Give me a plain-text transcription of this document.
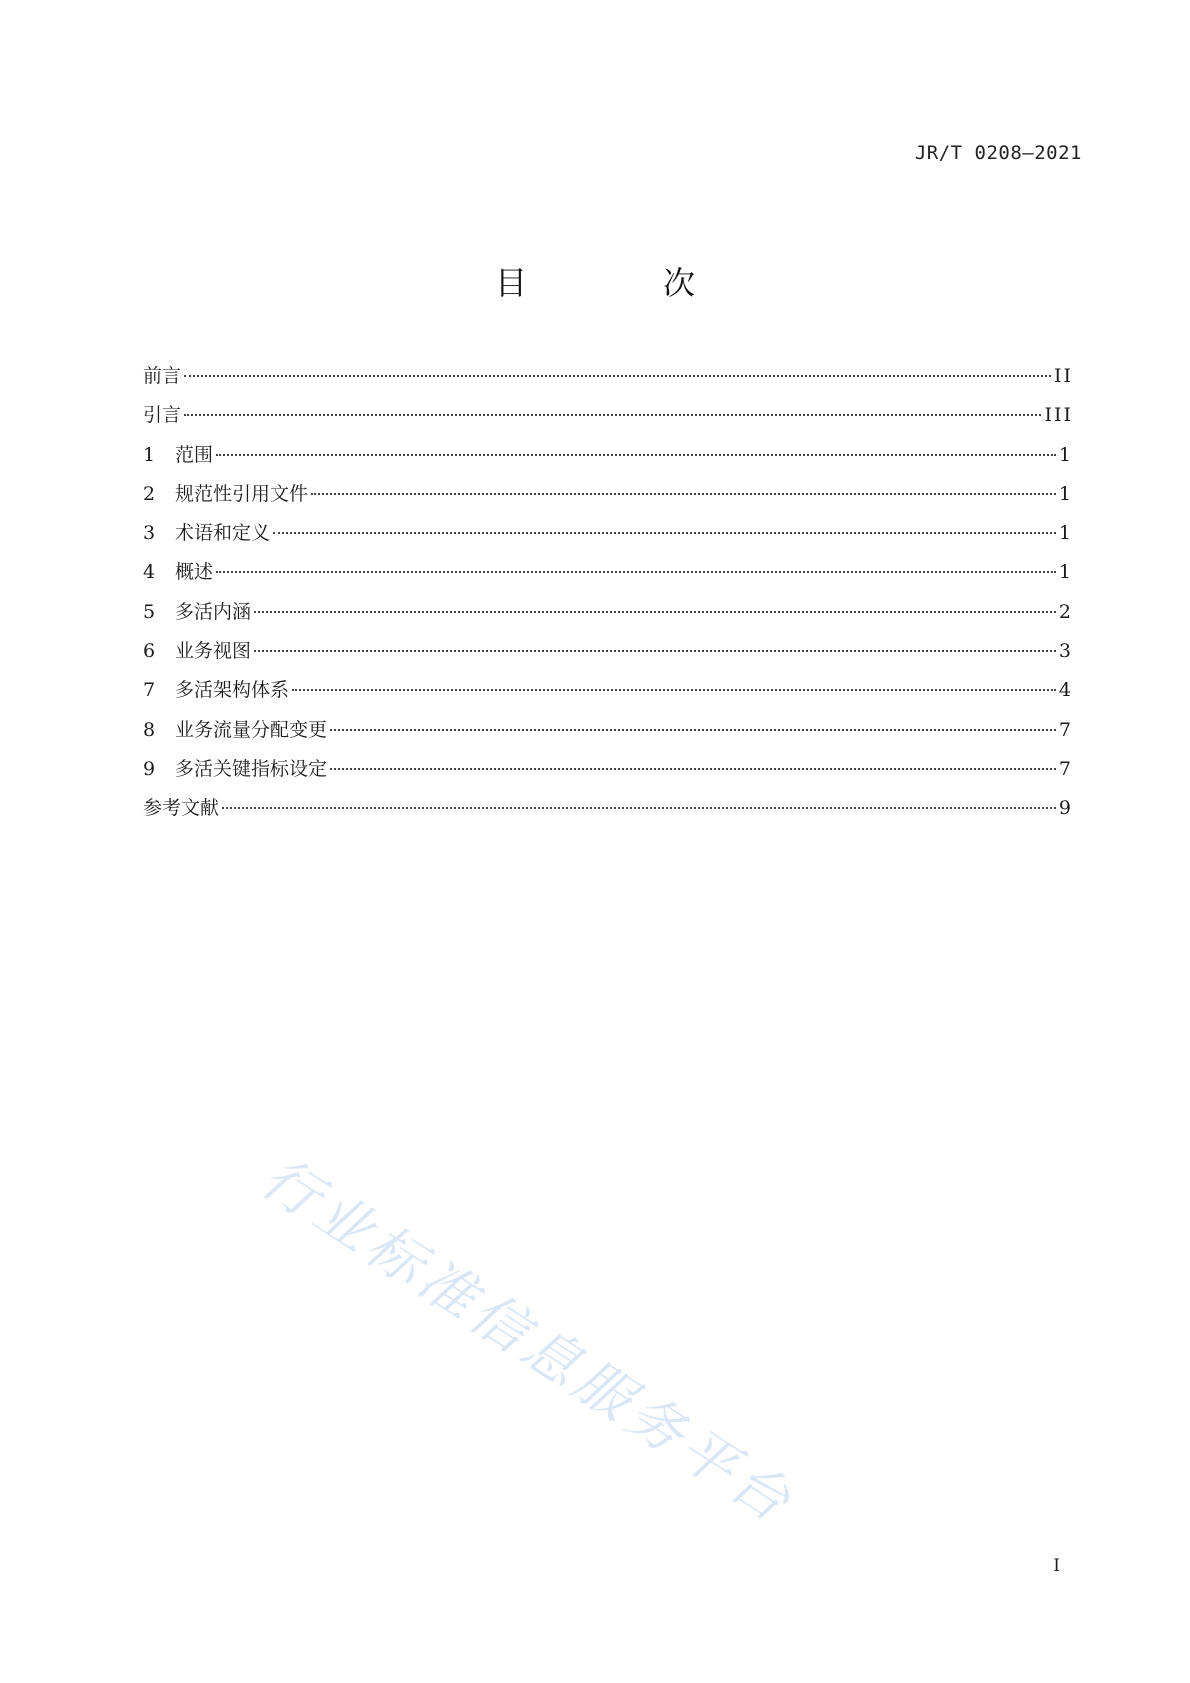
JR/T 0208—2021
目　次
前言	II
引言	III
1	范围	1
2	规范性引用文件	1
3	术语和定义	1
4	概述	1
5	多活内涵	2
6	业务视图	3
7	多活架构体系	4
8	业务流量分配变更	7
9	多活关键指标设定	7
参考文献	9
行业标准信息服务平台
I
